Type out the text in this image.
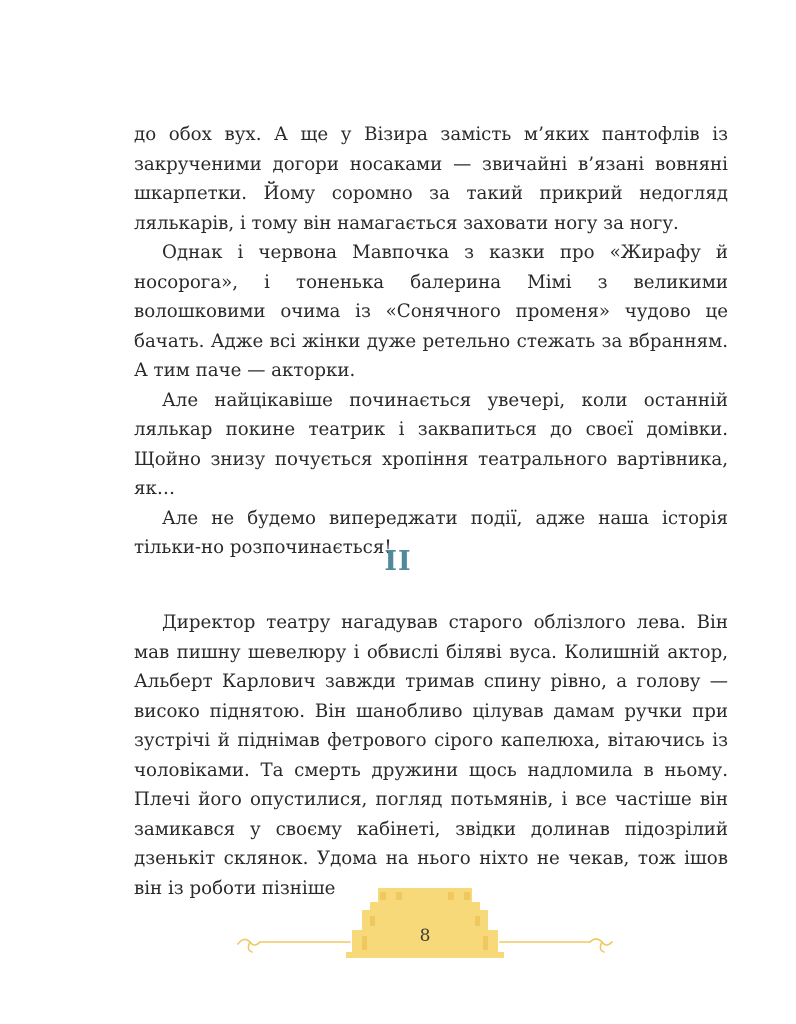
до обох вух. А ще у Візира замість м’яких пантофлів із закрученими догори носаками — звичайні в’язані вовняні шкарпетки. Йому соромно за такий прикрий недогляд лялькарів, і тому він намагається заховати ногу за ногу.

Однак і червона Мавпочка з казки про «Жирафу й носорога», і тоненька балерина Мімі з великими волошковими очима із «Сонячного променя» чудово це бачать. Адже всі жінки дуже ретельно стежать за вбранням. А тим паче — акторки.

Але найцікавіше починається увечері, коли останній лялькар покине театрик і заквапиться до своєї домівки. Щойно знизу почується хропіння театрального вартівника, як…

Але не будемо випереджати події, адже наша історія тільки-но розпочинається!

II

Директор театру нагадував старого облізлого лева. Він мав пишну шевелюру і обвислі біляві вуса. Колишній актор, Альберт Карлович завжди тримав спину рівно, а голову — високо піднятою. Він шанобливо цілував дамам ручки при зустрічі й піднімав фетрового сірого капелюха, вітаючись із чоловіками. Та смерть дружини щось надломила в ньому. Плечі його опустилися, погляд потьмянів, і все частіше він замикався у своєму кабінеті, звідки долинав підозрілий дзенькіт склянок. Удома на нього ніхто не чекав, тож ішов він із роботи пізніше

8
